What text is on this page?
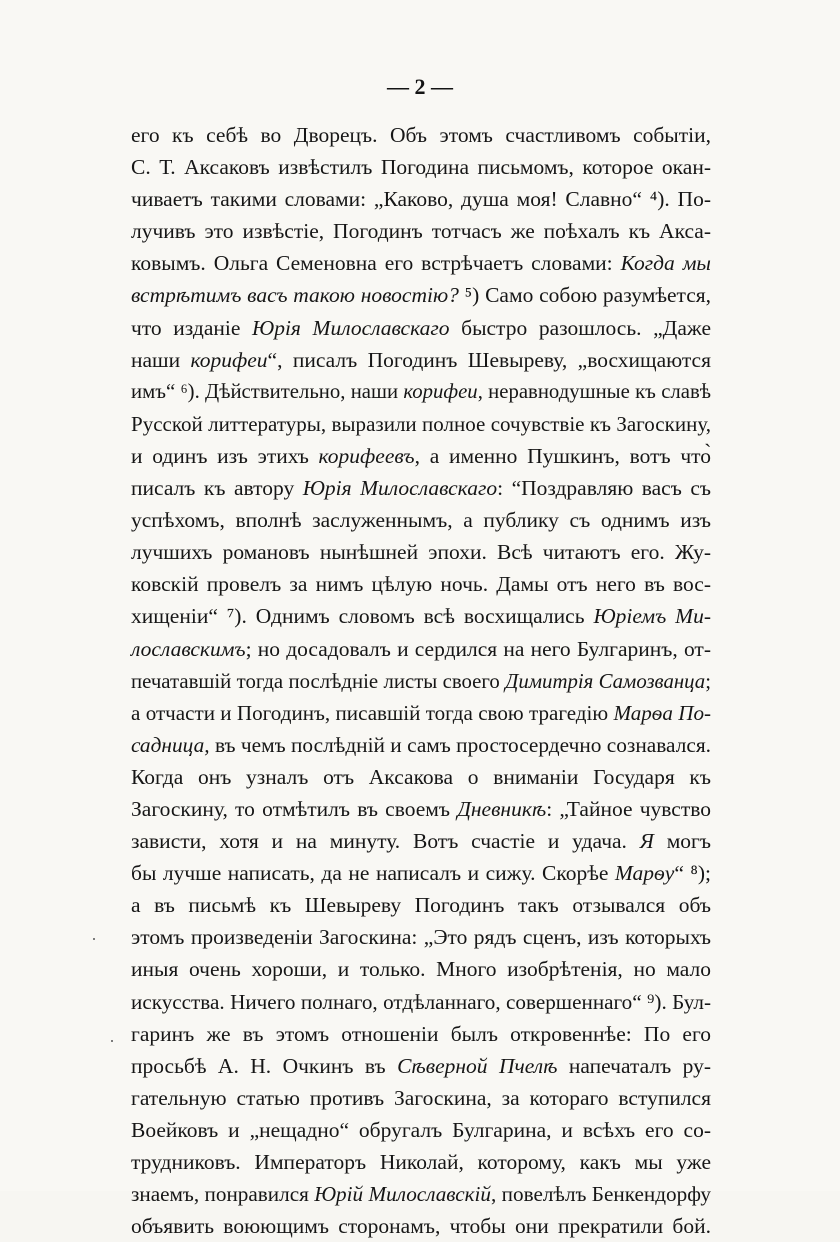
— 2 —
его къ себѣ во Дворецъ. Объ этомъ счастливомъ событіи,
С. Т. Аксаковъ извѣстилъ Погодина письмомъ, которое окан-
чиваетъ такими словами: „Каково, душа моя! Славно“ ⁴). По-
лучивъ это извѣстіе, Погодинъ тотчасъ же поѣхалъ къ Акса-
ковымъ. Ольга Семеновна его встрѣчаетъ словами: Когда мы
встрѣтимъ васъ такою новостію? ⁵) Само собою разумѣется,
что изданіе Юрія Милославскаго быстро разошлось. „Даже
наши корифеи“, писалъ Погодинъ Шевыреву, „восхищаются
имъ“ ⁶). Дѣйствительно, наши корифеи, неравнодушные къ славѣ
Русской литтературы, выразили полное сочувствіе къ Загоскину,
и одинъ изъ этихъ корифеевъ, а именно Пушкинъ, вотъ что̀
писалъ къ автору Юрія Милославскаго: “Поздравляю васъ съ
успѣхомъ, вполнѣ заслуженнымъ, а публику съ однимъ изъ
лучшихъ романовъ нынѣшней эпохи. Всѣ читаютъ его. Жу-
ковскій провелъ за нимъ цѣлую ночь. Дамы отъ него въ вос-
хищеніи“ ⁷). Однимъ словомъ всѣ восхищались Юріемъ Ми-
лославскимъ; но досадовалъ и сердился на него Булгаринъ, от-
печатавшій тогда послѣдніе листы своего Димитрія Самозванца;
а отчасти и Погодинъ, писавшій тогда свою трагедію Марѳа По-
садница, въ чемъ послѣдній и самъ простосердечно сознавался.
Когда онъ узналъ отъ Аксакова о вниманіи Государя къ
Загоскину, то отмѣтилъ въ своемъ Дневникѣ: „Тайное чувство
зависти, хотя и на минуту. Вотъ счастіе и удача. Я могъ
бы лучше написать, да не написалъ и сижу. Скорѣе Марѳу“ ⁸);
а въ письмѣ къ Шевыреву Погодинъ такъ отзывался объ
этомъ произведеніи Загоскина: „Это рядъ сценъ, изъ которыхъ
иныя очень хороши, и только. Много изобрѣтенія, но мало
искусства. Ничего полнаго, отдѣланнаго, совершеннаго“ ⁹). Бул-
гаринъ же въ этомъ отношеніи былъ откровеннѣе: По его
просьбѣ А. Н. Очкинъ въ Сѣверной Пчелѣ напечаталъ ру-
гательную статью противъ Загоскина, за котораго вступился
Воейковъ и „нещадно“ обругалъ Булгарина, и всѣхъ его со-
трудниковъ. Императоръ Николай, которому, какъ мы уже
знаемъ, понравился Юрій Милославскій, повелѣлъ Бенкендорфу
объявить воюющимъ сторонамъ, чтобы они прекратили бой.
